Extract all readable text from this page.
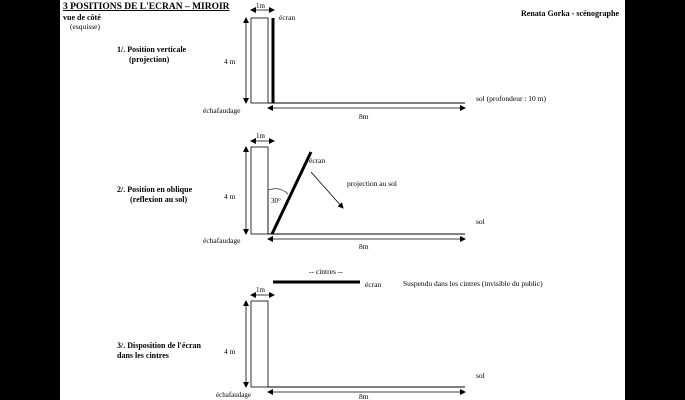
3 POSITIONS DE L'ECRAN – MIROIR
vue de côté
(esquisse)
Renata Gorka - scénographe
1/. Position verticale
(projection)
1m
4 m
écran
sol (profondeur : 10 m)
échafaudage
8m
2/. Position en oblique
(reflexion au sol)
1m
4 m	30°
écran
projection au sol
sol
échafaudage
8m
-- cintres --
écran	Suspendu dans les cintres (invisible du public)
3/. Disposition de l'écran
dans les cintres
1m
4 m
sol
échafaudage	8m
